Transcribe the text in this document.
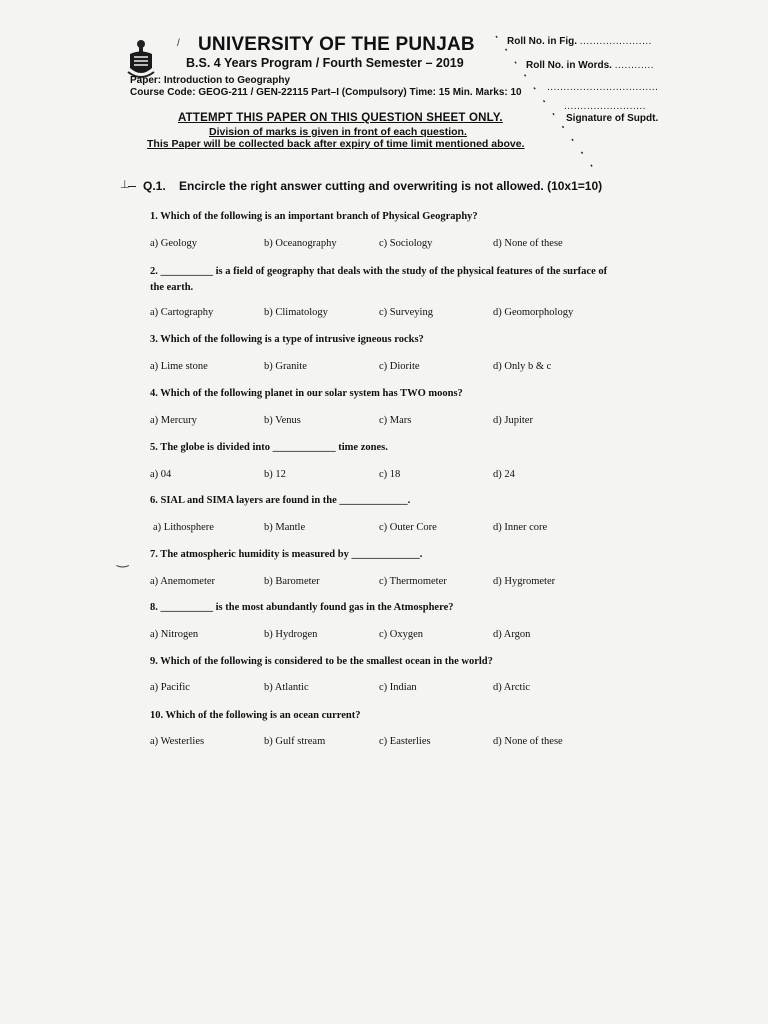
UNIVERSITY OF THE PUNJAB
B.S. 4 Years Program / Fourth Semester – 2019
Paper: Introduction to Geography
Course Code: GEOG-211 / GEN-22115 Part–I (Compulsory) Time: 15 Min. Marks: 10
Roll No. in Fig. ......................
Roll No. in Words. ............
..................................
.........................
Signature of Supdt.
ATTEMPT THIS PAPER ON THIS QUESTION SHEET ONLY.
Division of marks is given in front of each question.
This Paper will be collected back after expiry of time limit mentioned above.
/
⊥
‿
Q.1. Encircle the right answer cutting and overwriting is not allowed. (10x1=10)
1. Which of the following is an important branch of Physical Geography?
a) Geology	b) Oceanography	c) Sociology	d) None of these
2. __________ is a field of geography that deals with the study of the physical features of the surface of the earth.
a) Cartography	b) Climatology	c) Surveying	d) Geomorphology
3. Which of the following is a type of intrusive igneous rocks?
a) Lime stone	b) Granite	c) Diorite	d) Only b & c
4. Which of the following planet in our solar system has TWO moons?
a) Mercury	b) Venus	c) Mars	d) Jupiter
5. The globe is divided into ____________ time zones.
a) 04	b) 12	c) 18	d) 24
6. SIAL and SIMA layers are found in the _____________.
a) Lithosphere	b) Mantle	c) Outer Core	d) Inner core
7. The atmospheric humidity is measured by _____________.
a) Anemometer	b) Barometer	c) Thermometer	d) Hygrometer
8. __________ is the most abundantly found gas in the Atmosphere?
a) Nitrogen	b) Hydrogen	c) Oxygen	d) Argon
9. Which of the following is considered to be the smallest ocean in the world?
a) Pacific	b) Atlantic	c) Indian	d) Arctic
10. Which of the following is an ocean current?
a) Westerlies	b) Gulf stream	c) Easterlies	d) None of these
